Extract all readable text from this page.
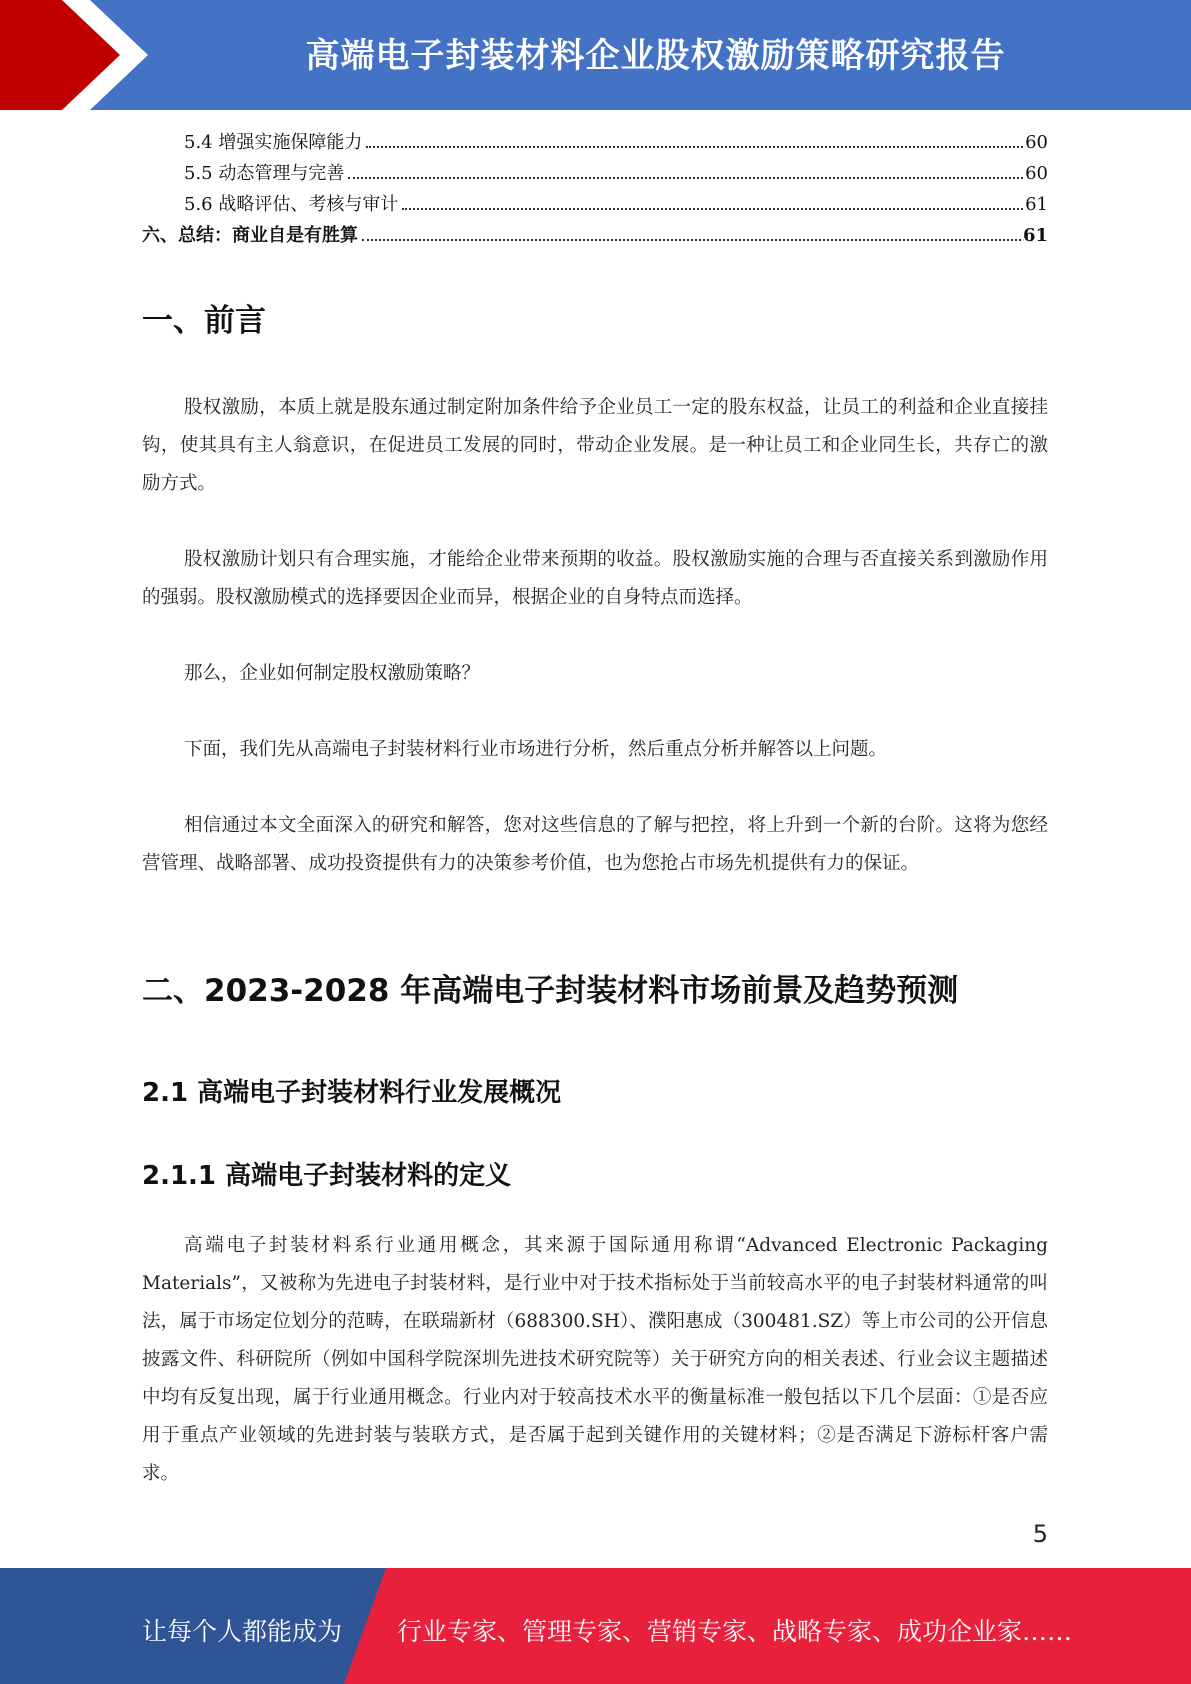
高端电子封装材料企业股权激励策略研究报告
5.4 增强实施保障能力	60
5.5 动态管理与完善	60
5.6 战略评估、考核与审计	61
六、总结：商业自是有胜算	61
一、前言

股权激励，本质上就是股东通过制定附加条件给予企业员工一定的股东权益，让员工的利益和企业直接挂钩，使其具有主人翁意识，在促进员工发展的同时，带动企业发展。是一种让员工和企业同生长，共存亡的激励方式。

股权激励计划只有合理实施，才能给企业带来预期的收益。股权激励实施的合理与否直接关系到激励作用的强弱。股权激励模式的选择要因企业而异，根据企业的自身特点而选择。

那么，企业如何制定股权激励策略？

下面，我们先从高端电子封装材料行业市场进行分析，然后重点分析并解答以上问题。

相信通过本文全面深入的研究和解答，您对这些信息的了解与把控，将上升到一个新的台阶。这将为您经营管理、战略部署、成功投资提供有力的决策参考价值，也为您抢占市场先机提供有力的保证。

二、2023-2028 年高端电子封装材料市场前景及趋势预测
2.1 高端电子封装材料行业发展概况
2.1.1 高端电子封装材料的定义

高端电子封装材料系行业通用概念，其来源于国际通用称谓“Advanced Electronic Packaging Materials”，又被称为先进电子封装材料，是行业中对于技术指标处于当前较高水平的电子封装材料通常的叫法，属于市场定位划分的范畴，在联瑞新材（688300.SH）、濮阳惠成（300481.SZ）等上市公司的公开信息披露文件、科研院所（例如中国科学院深圳先进技术研究院等）关于研究方向的相关表述、行业会议主题描述中均有反复出现，属于行业通用概念。行业内对于较高技术水平的衡量标准一般包括以下几个层面：①是否应用于重点产业领域的先进封装与装联方式，是否属于起到关键作用的关键材料；②是否满足下游标杆客户需求。

5
让每个人都能成为 行业专家、管理专家、营销专家、战略专家、成功企业家……
